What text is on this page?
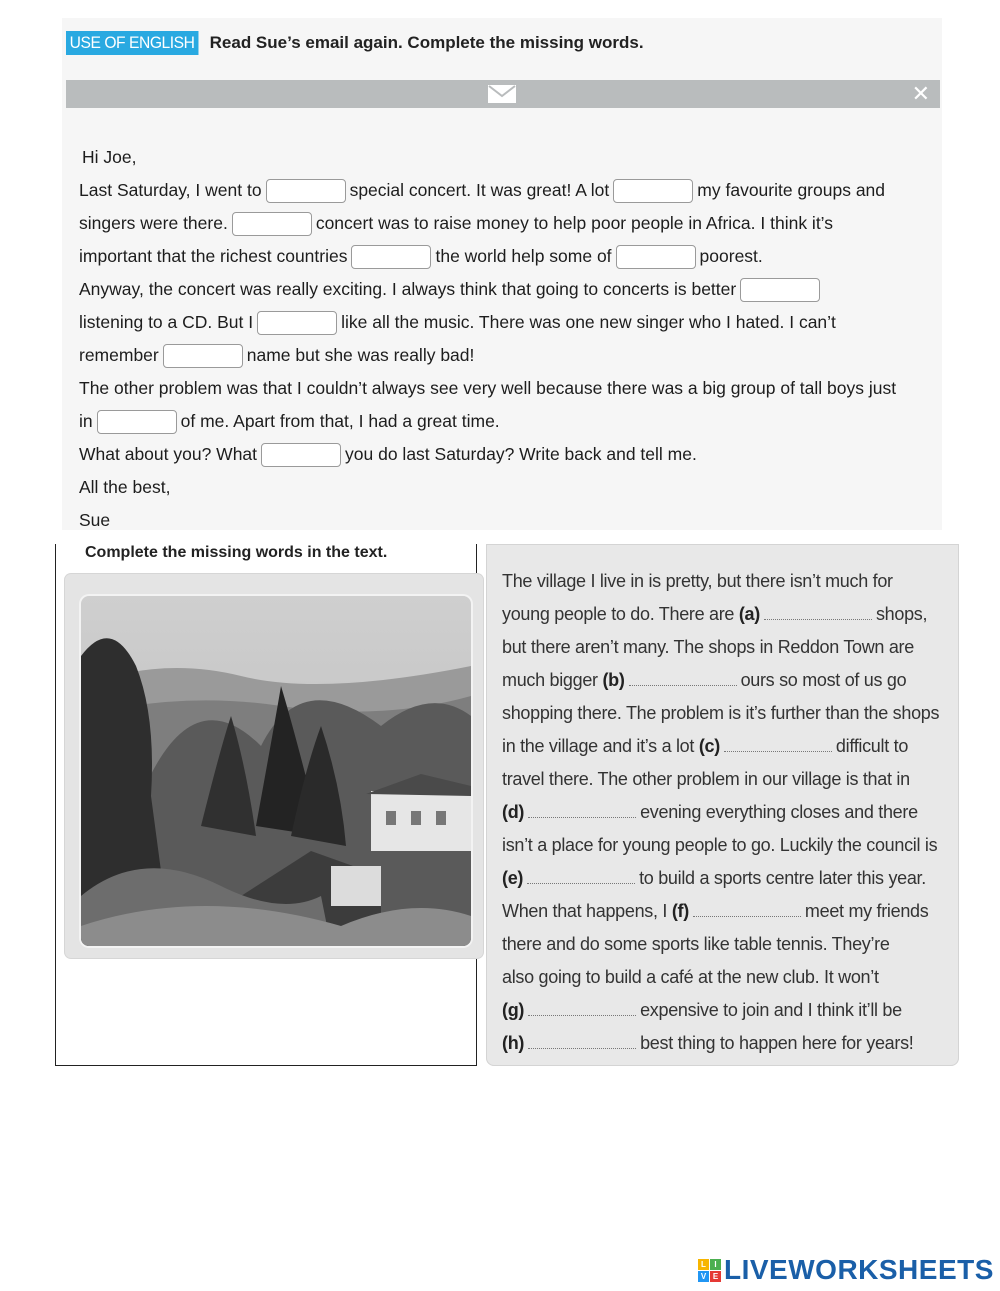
USE OF ENGLISH Read Sue’s email again. Complete the missing words.
✕
Hi Joe,
Last Saturday, I went to	special concert. It was great! A lot	my favourite groups and
singers were there.	concert was to raise money to help poor people in Africa. I think it’s
important that the richest countries	the world help some of	poorest.
Anyway, the concert was really exciting. I always think that going to concerts is better
listening to a CD. But I	like all the music. There was one new singer who I hated. I can’t
remember	name but she was really bad!
The other problem was that I couldn’t always see very well because there was a big group of tall boys just
in	of me. Apart from that, I had a great time.
What about you? What	you do last Saturday? Write back and tell me.
All the best,
Sue
Complete the missing words in the text.
The village I live in is pretty, but there isn’t much for
young people to do. There are (a)	shops,
but there aren’t many. The shops in Reddon Town are
much bigger (b)	ours so most of us go
shopping there. The problem is it’s further than the shops
in the village and it’s a lot (c)	difficult to
travel there. The other problem in our village is that in
(d)	evening everything closes and there
isn’t a place for young people to go. Luckily the council is
(e)	to build a sports centre later this year.
When that happens, I (f)	meet my friends
there and do some sports like table tennis. They’re
also going to build a café at the new club. It won’t
(g)	expensive to join and I think it’ll be
(h)	best thing to happen here for years!
L	I
V E LIVEWORKSHEETS
